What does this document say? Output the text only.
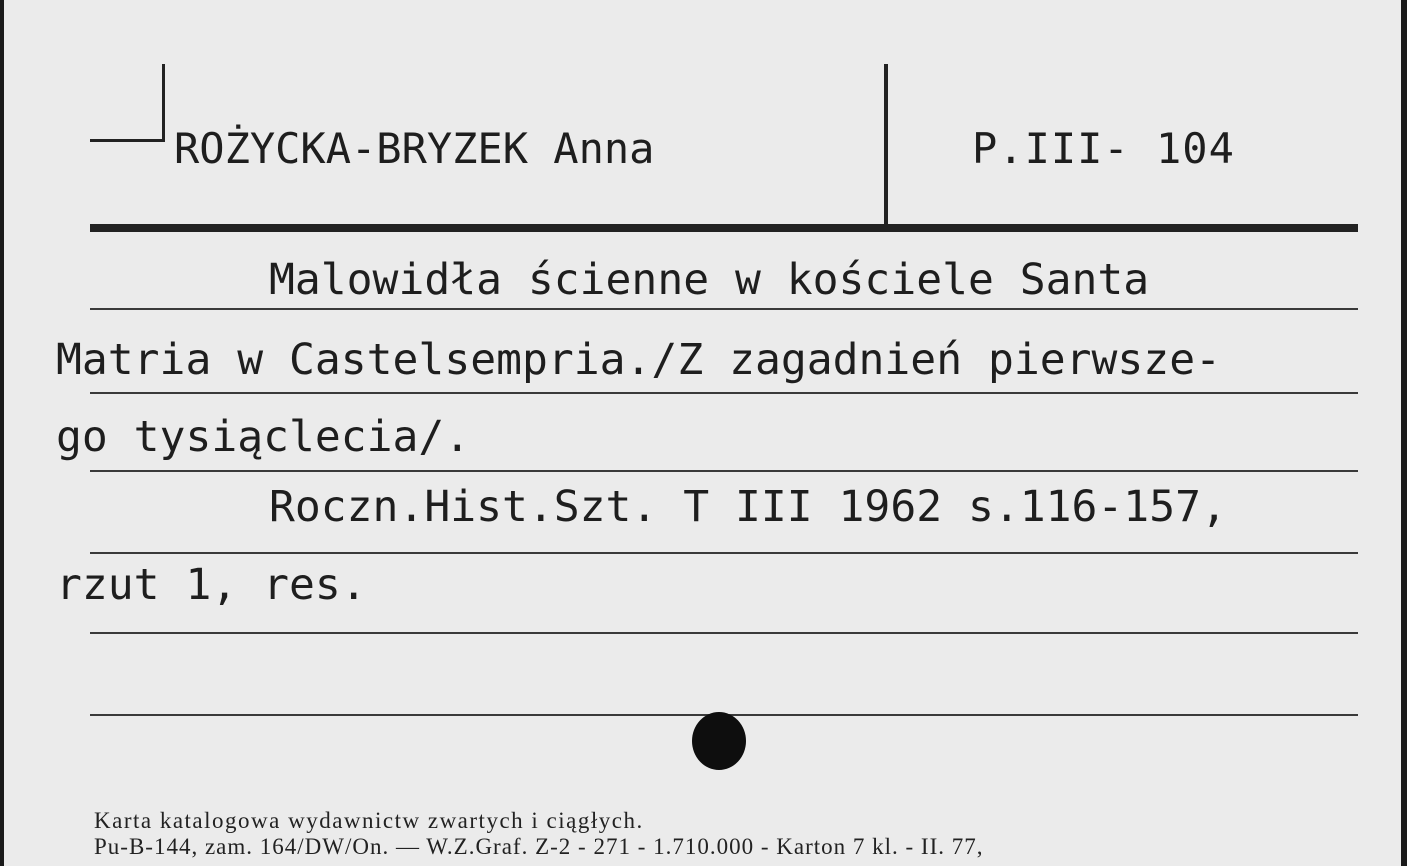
ROŻYCKA-BRYZEK Anna	P.III- 104
Malowidła ścienne w kościele Santa
Matria w Castelsempria./Z zagadnień pierwsze-
go tysiąclecia/.
Roczn.Hist.Szt. T III 1962 s.116-157,
rzut 1, res.
Karta katalogowa wydawnictw zwartych i ciągłych.
Pu-B-144, zam. 164/DW/On. — W.Z.Graf. Z-2 - 271 - 1.710.000 - Karton 7 kl. - II. 77,
